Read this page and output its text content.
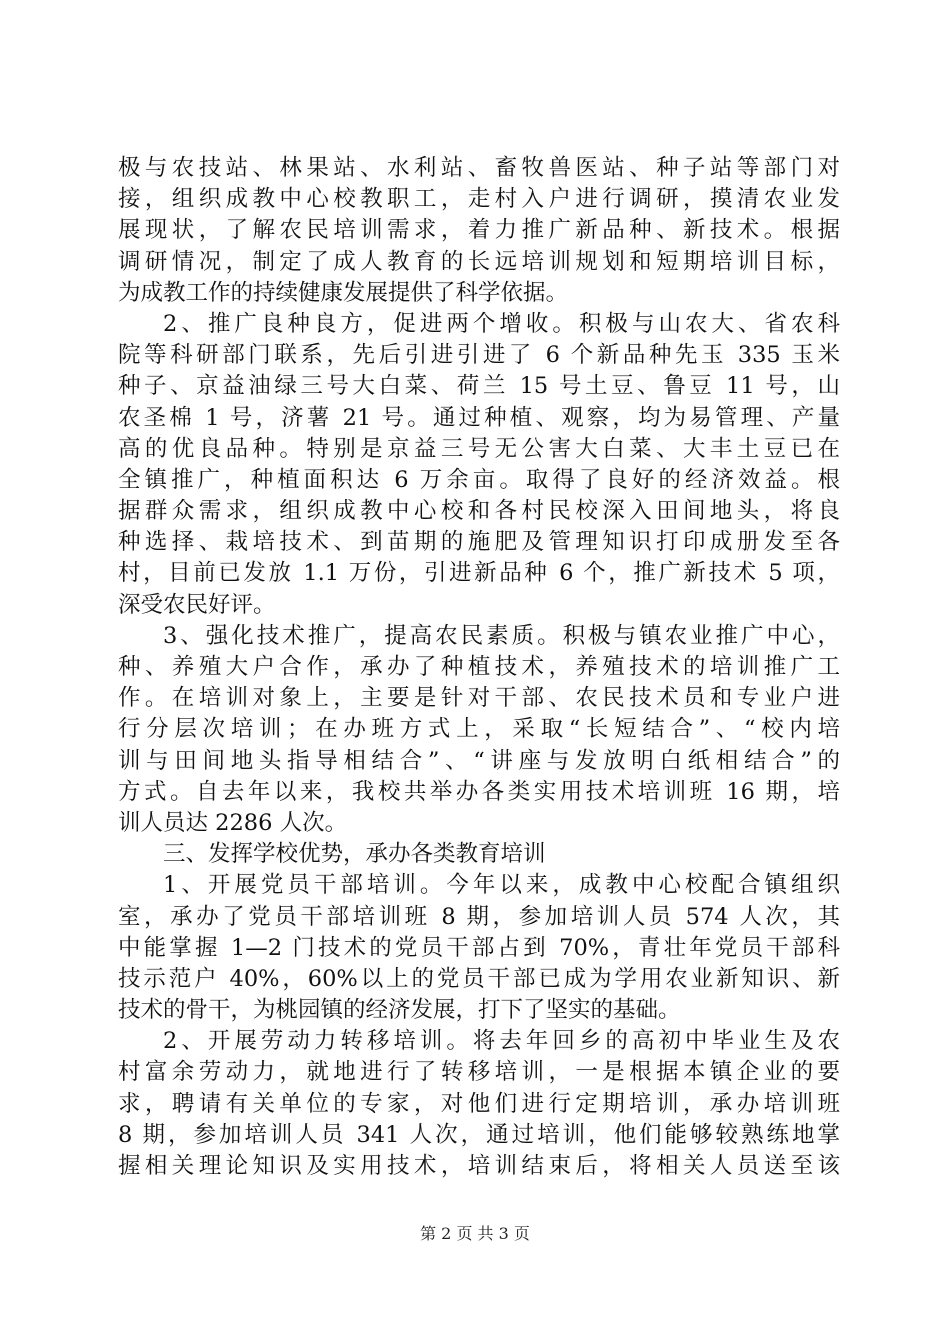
极与农技站、林果站、水利站、畜牧兽医站、种子站等部门对
接，组织成教中心校教职工，走村入户进行调研，摸清农业发
展现状，了解农民培训需求，着力推广新品种、新技术。根据
调研情况，制定了成人教育的长远培训规划和短期培训目标，
为成教工作的持续健康发展提供了科学依据。
2、推广良种良方，促进两个增收。积极与山农大、省农科
院等科研部门联系，先后引进引进了 6 个新品种先玉 335 玉米
种子、京益油绿三号大白菜、荷兰 15 号土豆、鲁豆 11 号，山
农圣棉 1 号，济薯 21 号。通过种植、观察，均为易管理、产量
高的优良品种。特别是京益三号无公害大白菜、大丰土豆已在
全镇推广，种植面积达 6 万余亩。取得了良好的经济效益。根
据群众需求，组织成教中心校和各村民校深入田间地头，将良
种选择、栽培技术、到苗期的施肥及管理知识打印成册发至各
村，目前已发放 1.1 万份，引进新品种 6 个，推广新技术 5 项，
深受农民好评。
3、强化技术推广，提高农民素质。积极与镇农业推广中心，
种、养殖大户合作，承办了种植技术，养殖技术的培训推广工
作。在培训对象上，主要是针对干部、农民技术员和专业户进
行分层次培训；在办班方式上，采取“长短结合”、“校内培
训与田间地头指导相结合”、“讲座与发放明白纸相结合”的
方式。自去年以来，我校共举办各类实用技术培训班 16 期，培
训人员达 2286 人次。
三、发挥学校优势，承办各类教育培训
1、开展党员干部培训。今年以来，成教中心校配合镇组织
室，承办了党员干部培训班 8 期，参加培训人员 574 人次，其
中能掌握 1—2 门技术的党员干部占到 70%，青壮年党员干部科
技示范户 40%，60%以上的党员干部已成为学用农业新知识、新
技术的骨干，为桃园镇的经济发展，打下了坚实的基础。
2、开展劳动力转移培训。将去年回乡的高初中毕业生及农
村富余劳动力，就地进行了转移培训，一是根据本镇企业的要
求，聘请有关单位的专家，对他们进行定期培训，承办培训班
8 期，参加培训人员 341 人次，通过培训，他们能够较熟练地掌
握相关理论知识及实用技术，培训结束后，将相关人员送至该
第 2 页 共 3 页
